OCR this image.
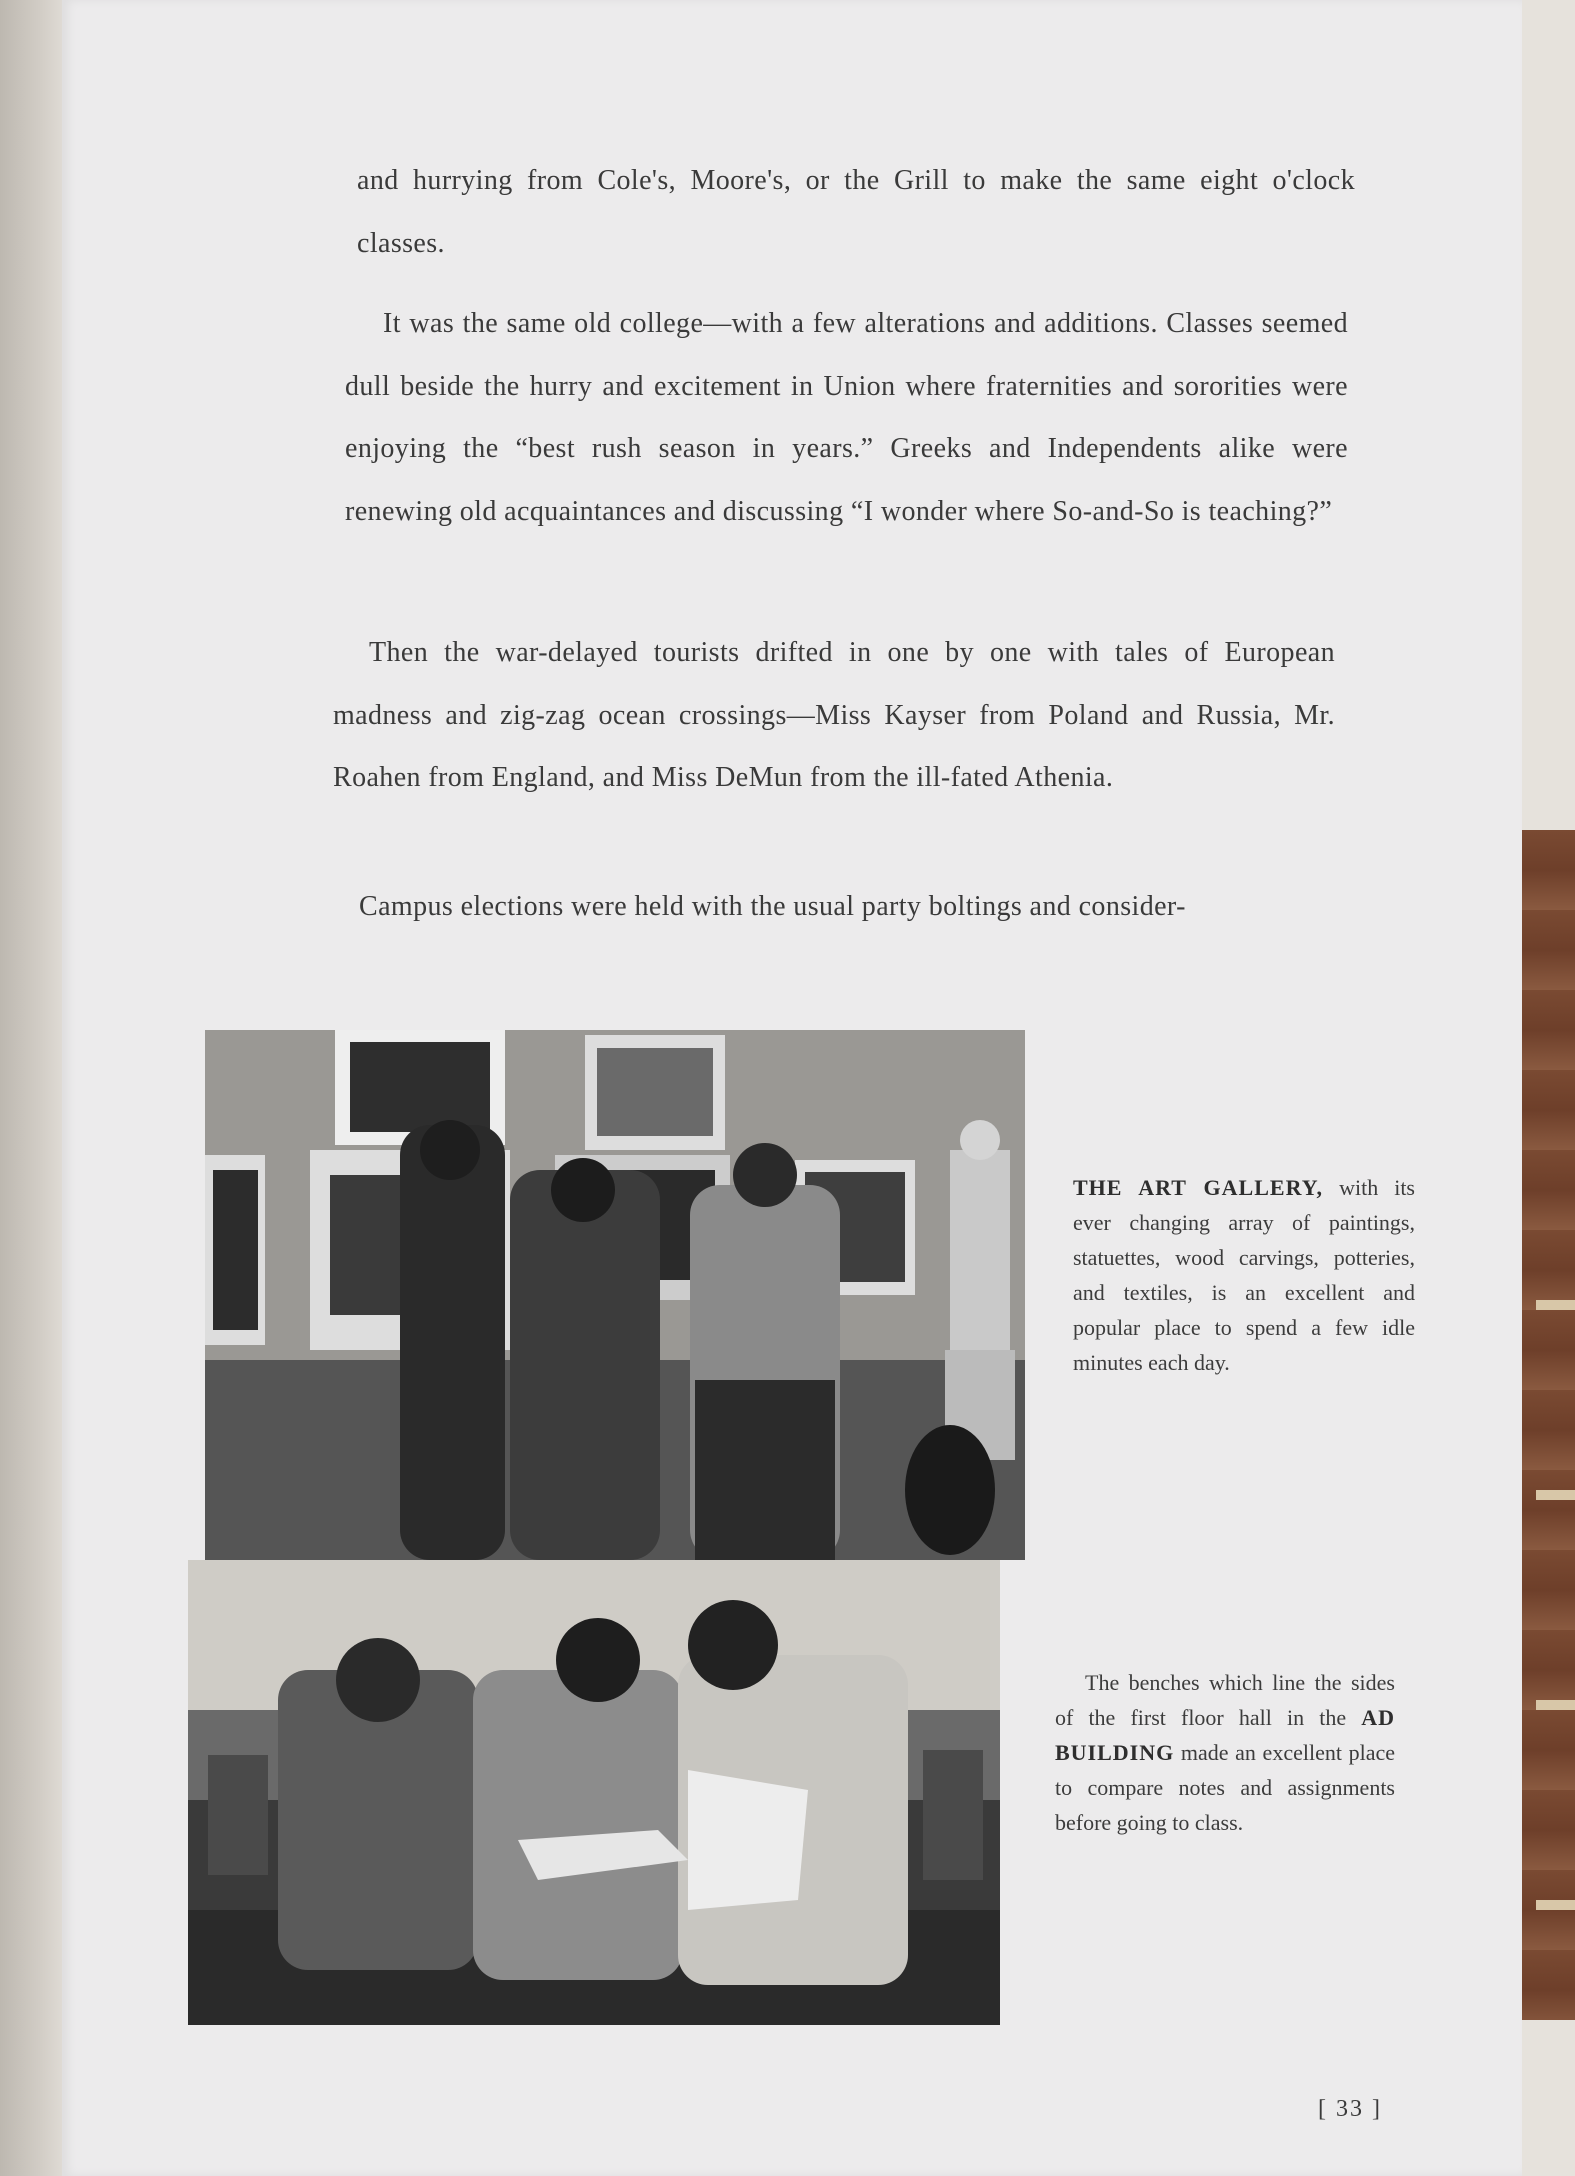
and hurrying from Cole's, Moore's, or the Grill to make the same eight o'clock classes.

It was the same old college—with a few alterations and additions. Classes seemed dull beside the hurry and excitement in Union where fraternities and sororities were enjoying the “best rush season in years.” Greeks and Independents alike were renewing old acquaintances and discussing “I wonder where So-and-So is teaching?”

Then the war-delayed tourists drifted in one by one with tales of European madness and zig-zag ocean crossings—Miss Kayser from Poland and Russia, Mr. Roahen from England, and Miss DeMun from the ill-fated Athenia.

Campus elections were held with the usual party boltings and consider-

THE ART GALLERY, with its ever changing array of paintings, statuettes, wood carvings, potteries, and textiles, is an excellent and popular place to spend a few idle minutes each day.
The benches which line the sides of the first floor hall in the AD BUILDING made an excellent place to compare notes and assignments before going to class.
[ 33 ]
